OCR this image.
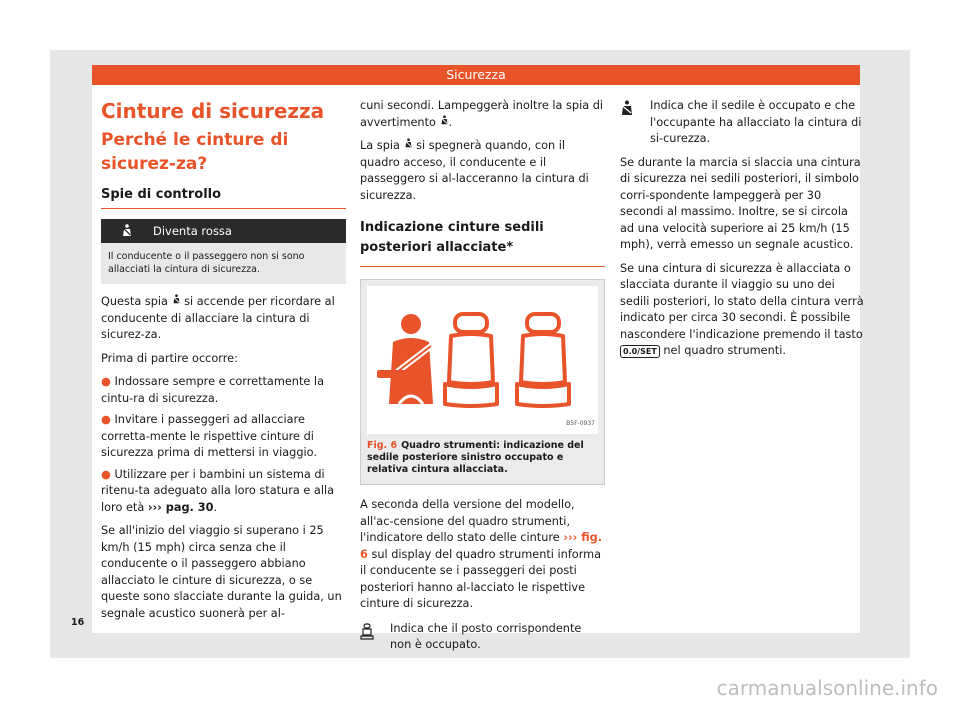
Sicurezza
Cinture di sicurezza
Perché le cinture di sicurez-za?
Spie di controllo
Diventa rossa
Il conducente o il passeggero non si sono allacciati la cintura di sicurezza.

Questa spia si accende per ricordare al conducente di allacciare la cintura di sicurez-za.

Prima di partire occorre:

● Indossare sempre e correttamente la cintu-ra di sicurezza.
● Invitare i passeggeri ad allacciare corretta-mente le rispettive cinture di sicurezza prima di mettersi in viaggio.
● Utilizzare per i bambini un sistema di ritenu-ta adeguato alla loro statura e alla loro età ››› pag. 30.

Se all'inizio del viaggio si superano i 25 km/h (15 mph) circa senza che il conducente o il passeggero abbiano allacciato le cinture di sicurezza, o se queste sono slacciate durante la guida, un segnale acustico suonerà per al-

cuni secondi. Lampeggerà inoltre la spia di avvertimento .

La spia si spegnerà quando, con il quadro acceso, il conducente e il passeggero si al-lacceranno la cintura di sicurezza.

Indicazione cinture sedili posteriori allacciate*
B5F-0937
Fig. 6 Quadro strumenti: indicazione del sedile posteriore sinistro occupato e relativa cintura allacciata.

A seconda della versione del modello, all'ac-censione del quadro strumenti, l'indicatore dello stato delle cinture ››› fig. 6 sul display del quadro strumenti informa il conducente se i passeggeri dei posti posteriori hanno al-lacciato le rispettive cinture di sicurezza.

Indica che il posto corrispondente non è occupato.
Indica che il sedile è occupato e che l'occupante ha allacciato la cintura di si-curezza.

Se durante la marcia si slaccia una cintura di sicurezza nei sedili posteriori, il simbolo corri-spondente lampeggerà per 30 secondi al massimo. Inoltre, se si circola ad una velocità superiore ai 25 km/h (15 mph), verrà emesso un segnale acustico.

Se una cintura di sicurezza è allacciata o slacciata durante il viaggio su uno dei sedili posteriori, lo stato della cintura verrà indicato per circa 30 secondi. È possibile nascondere l'indicazione premendo il tasto 0.0/SET nel quadro strumenti.

16
carmanualsonline.info
